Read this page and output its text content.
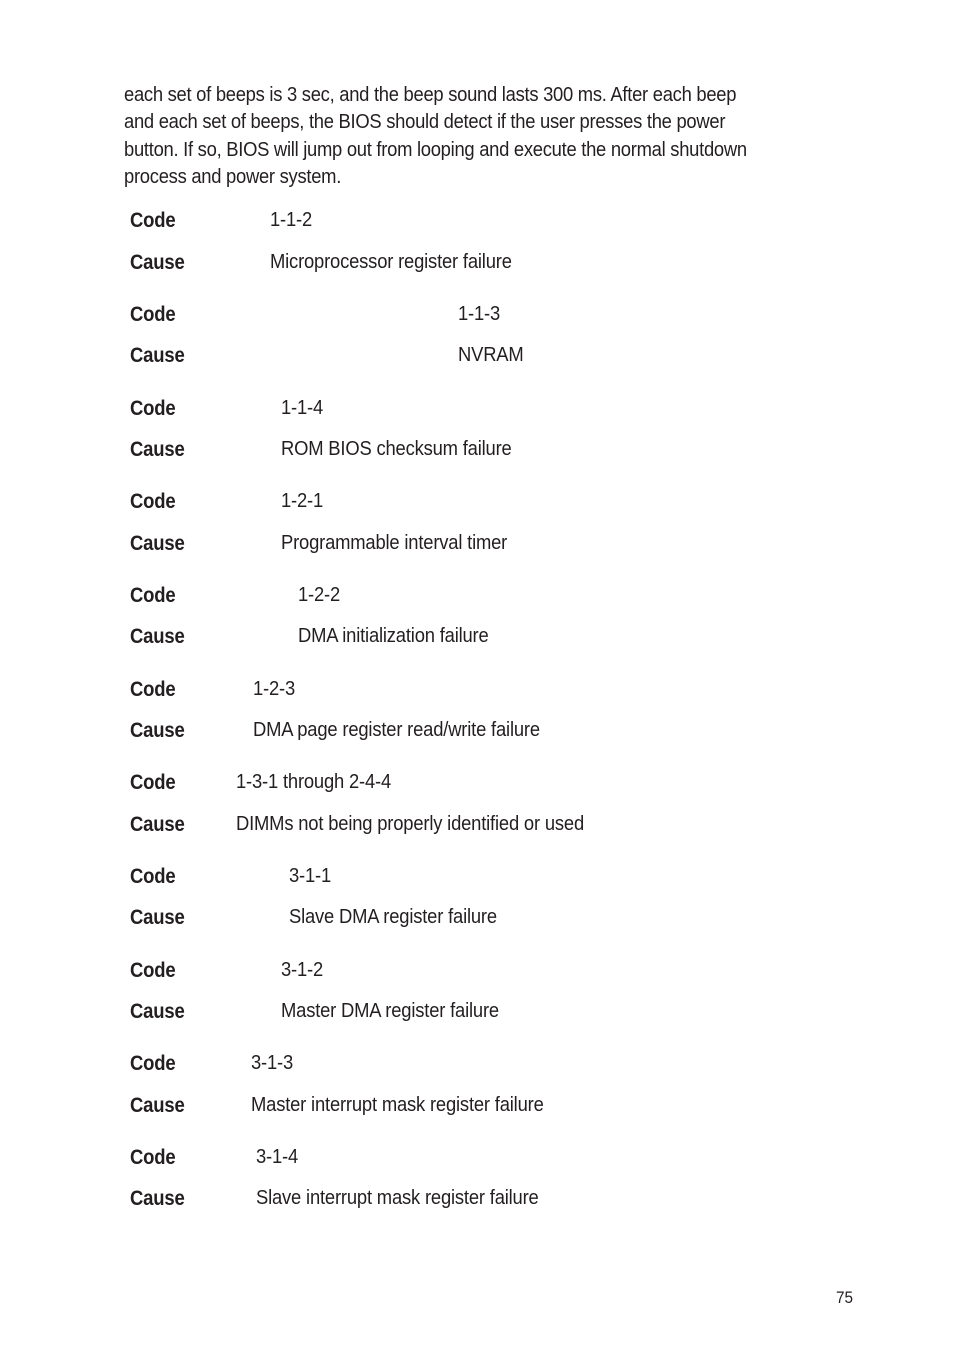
each set of beeps is 3 sec, and the beep sound lasts 300 ms. After each beep
and each set of beeps, the BIOS should detect if the user presses the power
button. If so, BIOS will jump out from looping and execute the normal shutdown
process and power system.
Code	1-1-2
Cause	Microprocessor register failure
Code	1-1-3
Cause	NVRAM
Code	1-1-4
Cause	ROM BIOS checksum failure
Code	1-2-1
Cause	Programmable interval timer
Code	1-2-2
Cause	DMA initialization failure
Code	1-2-3
Cause	DMA page register read/write failure
Code	1-3-1 through 2-4-4
Cause	DIMMs not being properly identified or used
Code	3-1-1
Cause	Slave DMA register failure
Code	3-1-2
Cause	Master DMA register failure
Code	3-1-3
Cause	Master interrupt mask register failure
Code	3-1-4
Cause	Slave interrupt mask register failure
75
